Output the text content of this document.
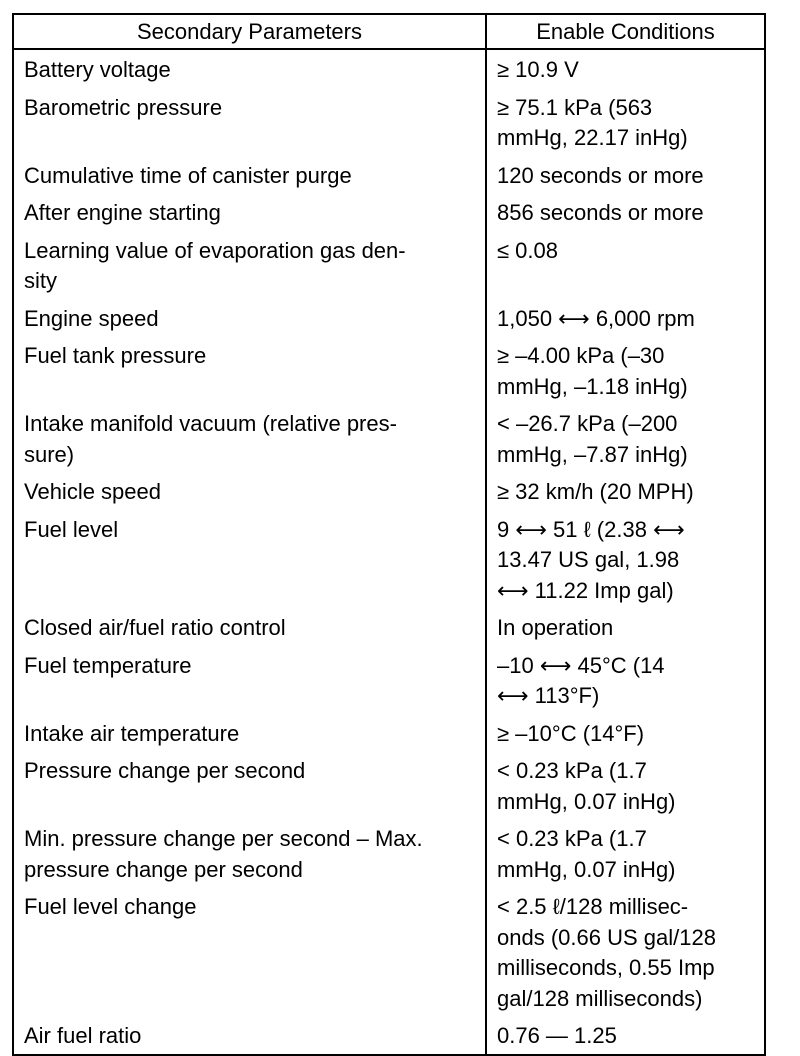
Secondary Parameters	Enable Conditions
Battery voltage	≥ 10.9 V
Barometric pressure	≥ 75.1 kPa (563
mmHg, 22.17 inHg)
Cumulative time of canister purge	120 seconds or more
After engine starting	856 seconds or more
Learning value of evaporation gas den-
sity	≤ 0.08
Engine speed	1,050 ⟷ 6,000 rpm
Fuel tank pressure	≥ –4.00 kPa (–30
mmHg, –1.18 inHg)
Intake manifold vacuum (relative pres-
sure)	< –26.7 kPa (–200
mmHg, –7.87 inHg)
Vehicle speed	≥ 32 km/h (20 MPH)
Fuel level	9 ⟷ 51 ℓ (2.38 ⟷
13.47 US gal, 1.98
⟷ 11.22 Imp gal)
Closed air/fuel ratio control	In operation
Fuel temperature	–10 ⟷ 45°C (14
⟷ 113°F)
Intake air temperature	≥ –10°C (14°F)
Pressure change per second	< 0.23 kPa (1.7
mmHg, 0.07 inHg)
Min. pressure change per second – Max.
pressure change per second	< 0.23 kPa (1.7
mmHg, 0.07 inHg)
Fuel level change	< 2.5 ℓ/128 millisec-
onds (0.66 US gal/128
milliseconds, 0.55 Imp
gal/128 milliseconds)
Air fuel ratio	0.76 — 1.25
